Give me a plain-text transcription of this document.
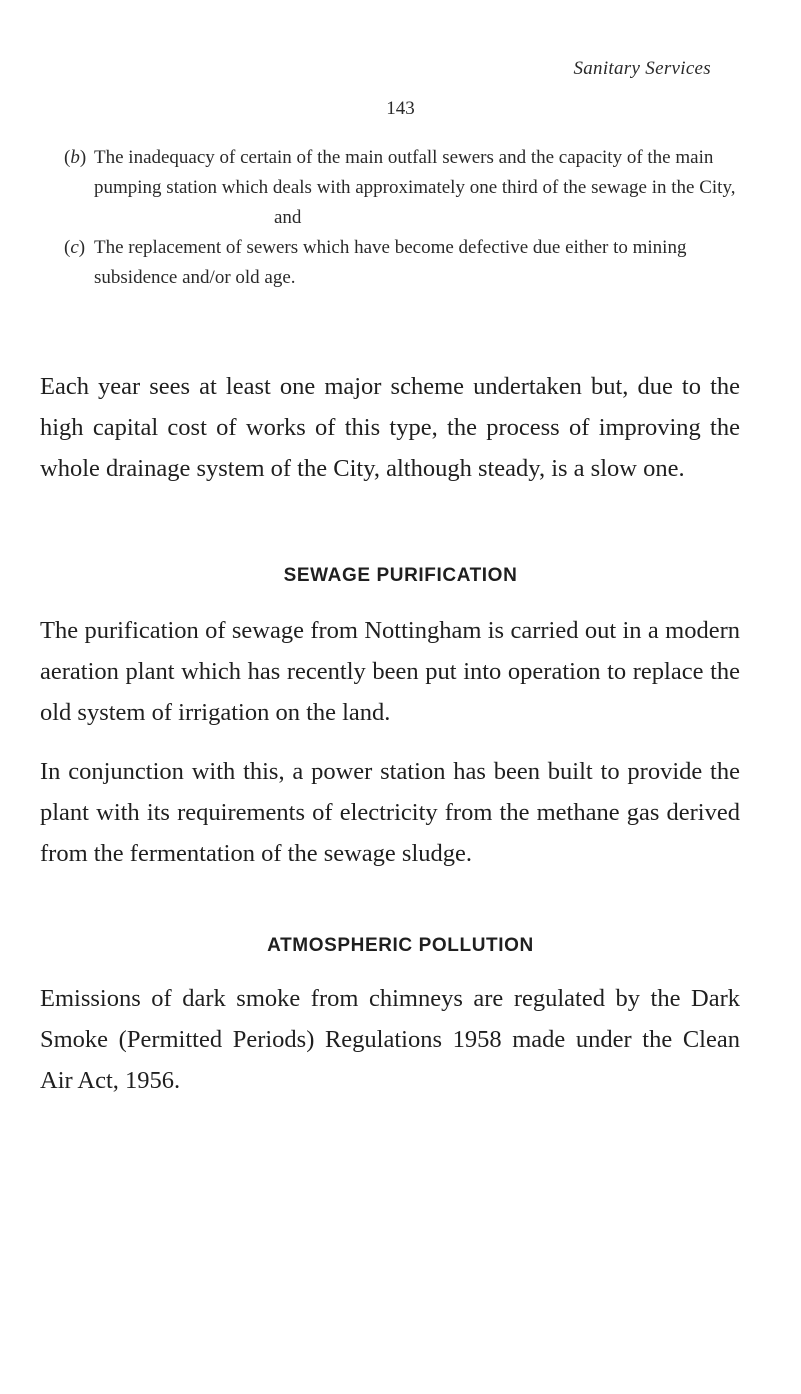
Sanitary Services
143
(b) The inadequacy of certain of the main outfall sewers and the capacity of the main pumping station which deals with approximately one third of the sewage in the City,
and
(c) The replacement of sewers which have become defective due either to mining subsidence and/or old age.

Each year sees at least one major scheme undertaken but, due to the high capital cost of works of this type, the process of improving the whole drainage system of the City, although steady, is a slow one.

SEWAGE PURIFICATION

The purification of sewage from Nottingham is carried out in a modern aeration plant which has recently been put into operation to replace the old system of irrigation on the land.

In conjunction with this, a power station has been built to provide the plant with its requirements of electricity from the methane gas derived from the fermentation of the sewage sludge.

ATMOSPHERIC POLLUTION

Emissions of dark smoke from chimneys are regulated by the Dark Smoke (Permitted Periods) Regulations 1958 made under the Clean Air Act, 1956.
